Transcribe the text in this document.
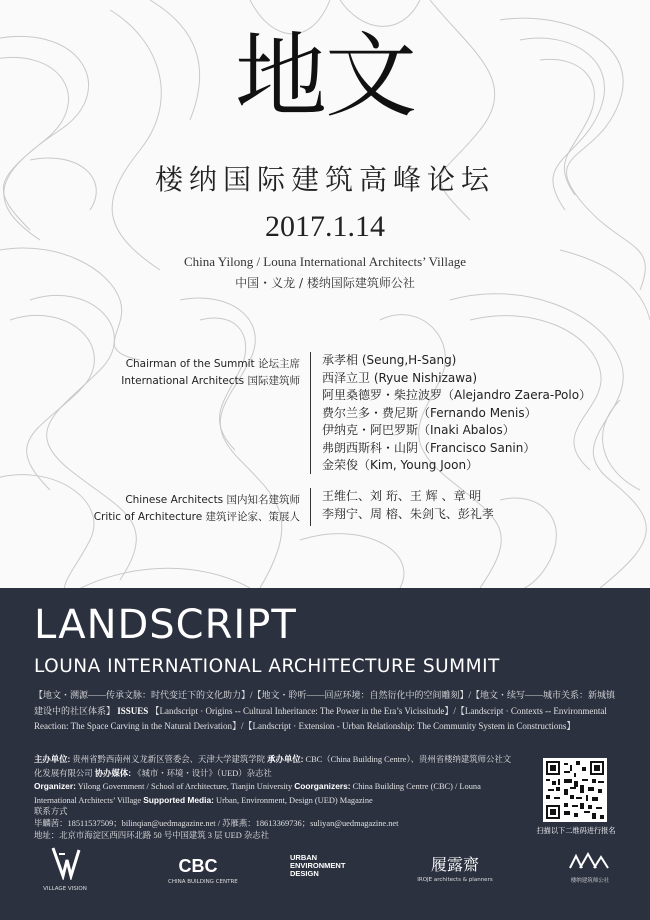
地文
楼纳国际建筑高峰论坛
2017.1.14
China Yilong / Louna International Architects’ Village
中国・义龙 / 楼纳国际建筑师公社
Chairman of the Summit 论坛主席
International Architects 国际建筑师
承孝相 (Seung,H-Sang)
西泽立卫 (Ryue Nishizawa)
阿里桑德罗・柴拉波罗（Alejandro Zaera-Polo）
费尔兰多・费尼斯（Fernando Menis）
伊纳克・阿巴罗斯（Inaki Abalos）
弗朗西斯科・山阴（Francisco Sanin）
金荣俊（Kim, Young Joon）
Chinese Architects 国内知名建筑师
Critic of Architecture 建筑评论家、策展人
王维仁、刘 珩、王 辉 、章 明
李翔宁、周 榕、朱剑飞、彭礼孝
LANDSCRIPT
LOUNA INTERNATIONAL ARCHITECTURE SUMMIT
【地文・溯源——传承文脉：时代变迁下的文化助力】/【地文・聆听——回应环境：自然衍化中的空间雕刻】/【地文・续写——城市关系：新城镇建设中的社区体系】 ISSUES 【Landscript · Origins -- Cultural Inheritance: The Power in the Era’s Vicissitude】/【Landscript · Contexts -- Environmental Reaction: The Space Carving in the Natural Derivation】/【Landscript · Extension - Urban Relationship: The Community System in Constructions】
主办单位: 贵州省黔西南州义龙新区管委会、天津大学建筑学院 承办单位: CBC（China Building Centre）、贵州省楼纳建筑师公社文化发展有限公司 协办媒体: 《城市・环境・设计》（UED）杂志社
Organizer: Yilong Government / School of Architecture, Tianjin University Coorganizers: China Building Centre (CBC) / Louna International Architects’ Village Supported Media: Urban, Environment, Design (UED) Magazine
联系方式
毕麟茜：18511537509；bilinqian@uedmagazine.net / 苏雁燕：18613369736；suliyan@uedmagazine.net
地址：北京市海淀区西四环北路 50 号中国建筑 3 层 UED 杂志社
扫描以下二维码进行报名
VILLAGE VISION
CBC
CHINA BUILDING CENTRE
URBAN ENVIRONMENT DESIGN	履露齋
IROJE architects & planners	楼纳建筑师公社
